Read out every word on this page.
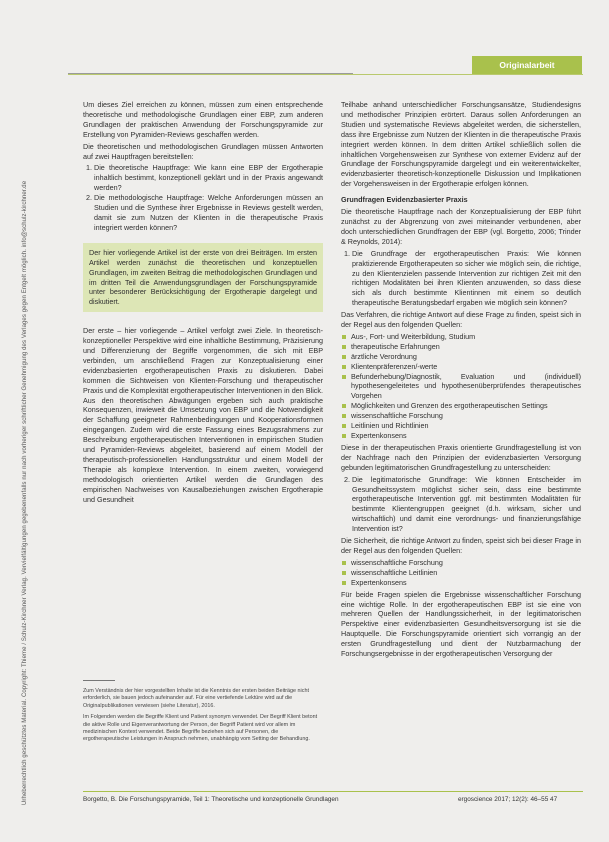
Originalarbeit
Urheberrechtlich geschütztes Material. Copyright: Thieme / Schulz-Kirchner Verlag. Vervielfältigungen gegebenenfalls nur nach vorheriger schriftlicher Genehmigung des Verlages gegen Entgelt möglich. info@schulz-kirchner.de

Um dieses Ziel erreichen zu können, müssen zum einen entsprechende theoretische und methodologische Grundlagen einer EBP, zum anderen Grundlagen der praktischen Anwendung der Forschungspyramide zur Erstellung von Pyramiden-Reviews geschaffen werden.

Die theoretischen und methodologischen Grundlagen müssen Antworten auf zwei Hauptfragen bereitstellen:

1. Die theoretische Hauptfrage: Wie kann eine EBP der Ergotherapie inhaltlich bestimmt, konzeptionell geklärt und in der Praxis angewandt werden?
2. Die methodologische Hauptfrage: Welche Anforderungen müssen an Studien und die Synthese ihrer Ergebnisse in Reviews gestellt werden, damit sie zum Nutzen der Klienten in die therapeutische Praxis integriert werden können?
Der hier vorliegende Artikel ist der erste von drei Beiträgen. Im ersten Artikel werden zunächst die theoretischen und konzeptuellen Grundlagen, im zweiten Beitrag die methodologischen Grundlagen und im dritten Teil die Anwendungsgrundlagen der Forschungspyramide unter besonderer Berücksichtigung der Ergotherapie dargelegt und diskutiert.

Der erste – hier vorliegende – Artikel verfolgt zwei Ziele. In theoretisch-konzeptioneller Perspektive wird eine inhaltliche Bestimmung, Präzisierung und Differenzierung der Begriffe vorgenommen, die sich mit EBP verbinden, um anschließend Fragen zur Konzeptualisierung einer evidenzbasierten ergotherapeutischen Praxis zu diskutieren. Dabei kommen die Sichtweisen von Klienten-Forschung und therapeutischer Praxis und die Komplexität ergotherapeutischer Interventionen in den Blick. Aus den theoretischen Abwägungen ergeben sich auch praktische Konsequenzen, inwieweit die Umsetzung von EBP und die Notwendigkeit der Schaffung geeigneter Rahmenbedingungen und Kooperationsformen eingegangen. Zudem wird die erste Fassung eines Bezugsrahmens zur Beschreibung ergotherapeutischen Interventionen in empirischen Studien und Pyramiden-Reviews abgeleitet, basierend auf einem Modell der therapeutisch-professionellen Handlungsstruktur und einem Modell der Therapie als komplexe Intervention. In einem zweiten, vorwiegend methodologisch orientierten Artikel werden die Grundlagen des empirischen Nachweises von Kausalbeziehungen zwischen Ergotherapie und Gesundheit

Zum Verständnis der hier vorgestellten Inhalte ist die Kenntnis der ersten beiden Beiträge nicht erforderlich, sie bauen jedoch aufeinander auf. Für eine vertiefende Lektüre wird auf die Originalpublikationen verwiesen (siehe Literatur), 2016.

Im Folgenden werden die Begriffe Klient und Patient synonym verwendet. Der Begriff Klient betont die aktive Rolle und Eigenverantwortung der Person, der Begriff Patient wird vor allem im medizinischen Kontext verwendet. Beide Begriffe beziehen sich auf Personen, die ergotherapeutische Leistungen in Anspruch nehmen, unabhängig vom Setting der Behandlung.

Teilhabe anhand unterschiedlicher Forschungsansätze, Studiendesigns und methodischer Prinzipien erörtert. Daraus sollen Anforderungen an Studien und systematische Reviews abgeleitet werden, die sicherstellen, dass ihre Ergebnisse zum Nutzen der Klienten in die therapeutische Praxis integriert werden können. In dem dritten Artikel schließlich sollen die inhaltlichen Vorgehensweisen zur Synthese von externer Evidenz auf der Grundlage der Forschungspyramide dargelegt und ein weiterentwickelter, evidenzbasierter theoretisch-konzeptionelle Diskussion und Implikationen der Vorgehensweisen in der Ergotherapie erfolgen können.

Grundfragen Evidenzbasierter Praxis

Die theoretische Hauptfrage nach der Konzeptualisierung der EBP führt zunächst zu der Abgrenzung von zwei miteinander verbundenen, aber doch unterschiedlichen Grundfragen der EBP (vgl. Borgetto, 2006; Trinder & Reynolds, 2014):

1. Die Grundfrage der ergotherapeutischen Praxis: Wie können praktizierende Ergotherapeuten so sicher wie möglich sein, die richtige, zu den Klientenzielen passende Intervention zur richtigen Zeit mit den richtigen Modalitäten bei ihren Klienten anzuwenden, so dass diese sich als durch bestimmte Klientinnen mit einem so deutlich therapeutische Beratungsbedarf ergaben wie möglich sein können?

Das Verfahren, die richtige Antwort auf diese Frage zu finden, speist sich in der Regel aus den folgenden Quellen:

Aus-, Fort- und Weiterbildung, Studium
therapeutische Erfahrungen
ärztliche Verordnung
Klientenpräferenzen/-werte
Befunderhebung/Diagnostik, Evaluation und (individuell) hypothesengeleitetes und hypothesenüberprüfendes therapeutisches Vorgehen
Möglichkeiten und Grenzen des ergotherapeutischen Settings
wissenschaftliche Forschung
Leitlinien und Richtlinien
Expertenkonsens

Diese in der therapeutischen Praxis orientierte Grundfragestellung ist von der Nachfrage nach den Prinzipien der evidenzbasierten Versorgung gebunden legitimatorischen Grundfragestellung zu unterscheiden:

2. Die legitimatorische Grundfrage: Wie können Entscheider im Gesundheitssystem möglichst sicher sein, dass eine bestimmte ergotherapeutische Intervention ggf. mit bestimmten Modalitäten für bestimmte Klientengruppen geeignet (d.h. wirksam, sicher und wirtschaftlich) und damit eine verordnungs- und finanzierungsfähige Intervention ist?

Die Sicherheit, die richtige Antwort zu finden, speist sich bei dieser Frage in der Regel aus den folgenden Quellen:

wissenschaftliche Forschung
wissenschaftliche Leitlinien
Expertenkonsens

Für beide Fragen spielen die Ergebnisse wissenschaftlicher Forschung eine wichtige Rolle. In der ergotherapeutischen EBP ist sie eine von mehreren Quellen der Handlungssicherheit, in der legitimatorischen Perspektive einer evidenzbasierten Gesundheitsversorgung ist sie die Hauptquelle. Die Forschungspyramide orientiert sich vorrangig an der ersten Grundfragestellung und dient der Nutzbarmachung der Forschungsergebnisse in der ergotherapeutischen Versorgung der

Borgetto, B. Die Forschungspyramide, Teil 1: Theoretische und konzeptionelle Grundlagen	ergoscience 2017; 12(2): 46–55 47
